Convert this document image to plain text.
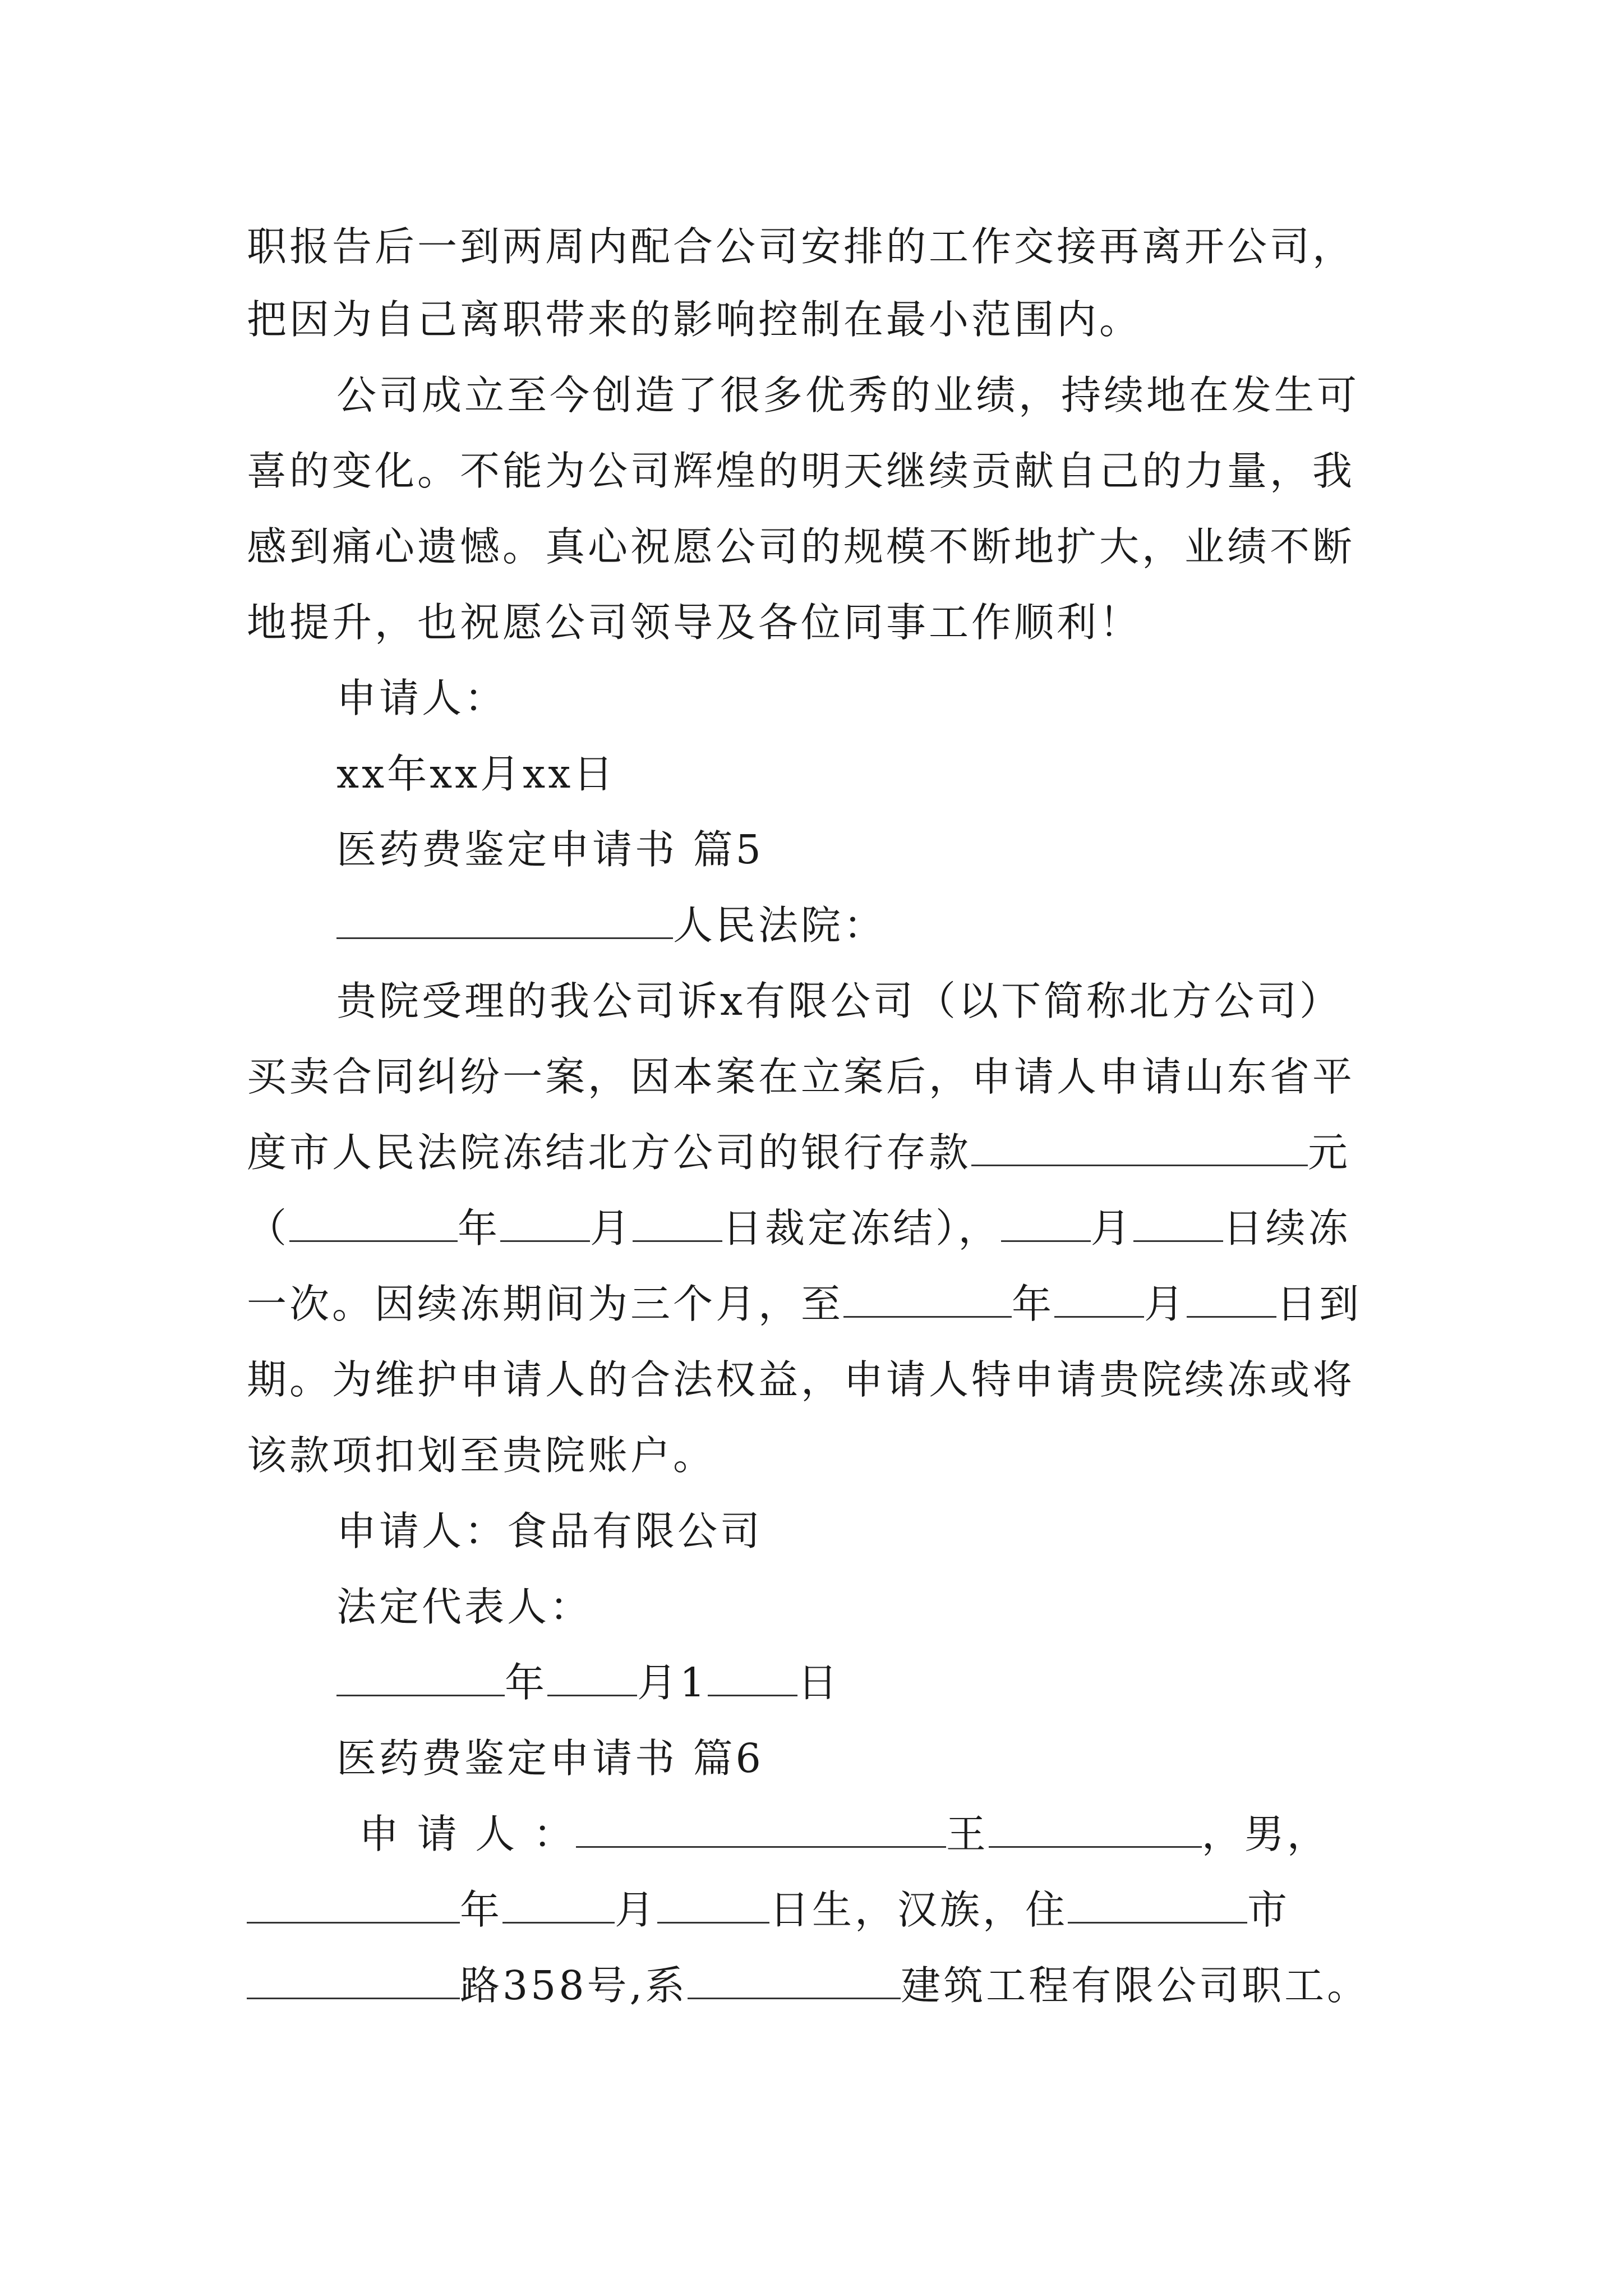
职报告后一到两周内配合公司安排的工作交接再离开公司，
把因为自己离职带来的影响控制在最小范围内。
公司成立至今创造了很多优秀的业绩，持续地在发生可
喜的变化。不能为公司辉煌的明天继续贡献自己的力量，我
感到痛心遗憾。真心祝愿公司的规模不断地扩大，业绩不断
地提升，也祝愿公司领导及各位同事工作顺利！
申请人：
xx年xx月xx日
医药费鉴定申请书 篇5
人民法院：
贵院受理的我公司诉x有限公司（以下简称北方公司）
买卖合同纠纷一案，因本案在立案后，申请人申请山东省平
度市人民法院冻结北方公司的银行存款	元
（	年 月 日裁定冻结）， 月 日续冻
一次。因续冻期间为三个月，至	年 月 日到
期。为维护申请人的合法权益，申请人特申请贵院续冻或将
该款项扣划至贵院账户。
申请人：食品有限公司
法定代表人：
年 月1 日
医药费鉴定申请书 篇6
申 请 人 ：	王	，男，
年	月	日生，汉族，住	市
路358号,系	建筑工程有限公司职工。
